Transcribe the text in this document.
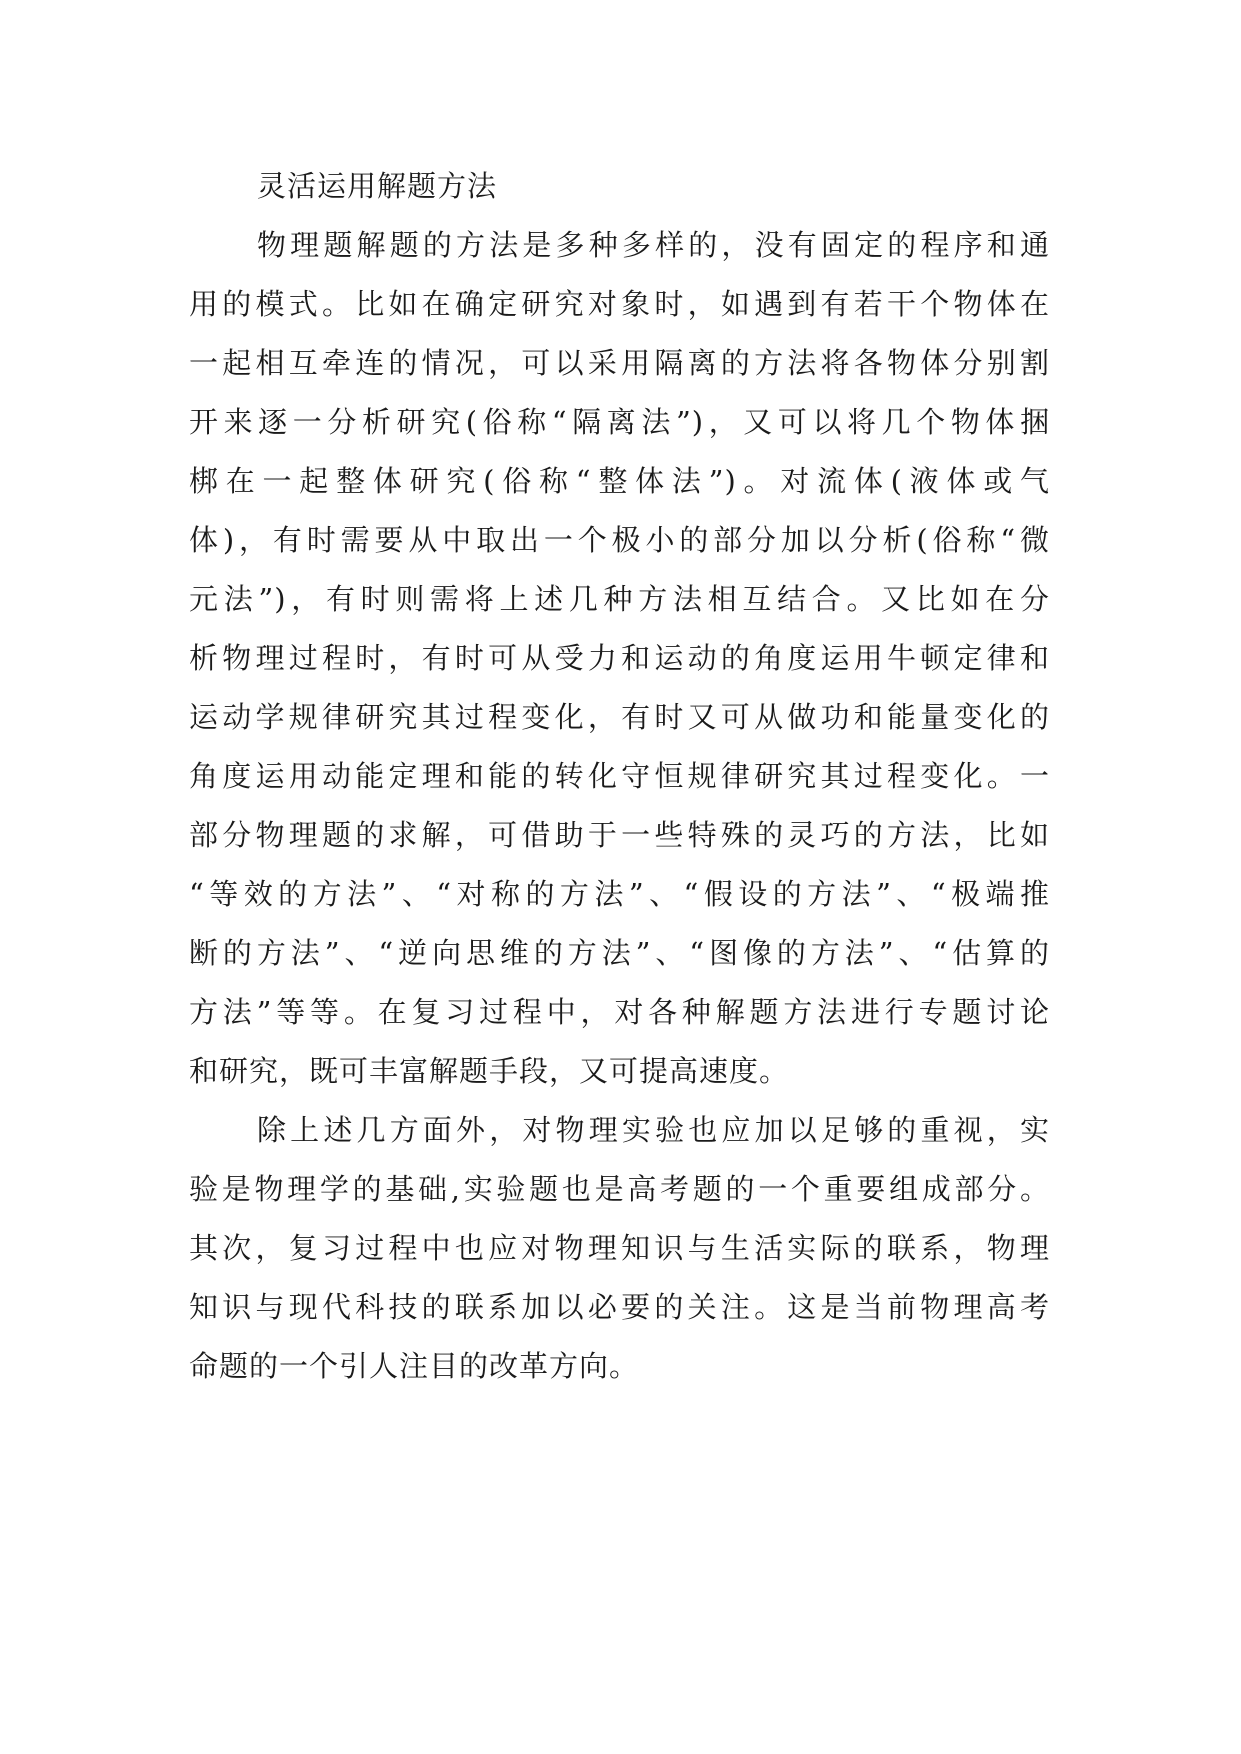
灵活运用解题方法
物理题解题的方法是多种多样的，没有固定的程序和通
用的模式。比如在确定研究对象时，如遇到有若干个物体在
一起相互牵连的情况，可以采用隔离的方法将各物体分别割
开来逐一分析研究(俗称“隔离法”)，又可以将几个物体捆
梆在一起整体研究(俗称“整体法”)。对流体(液体或气
体)，有时需要从中取出一个极小的部分加以分析(俗称“微
元法”)，有时则需将上述几种方法相互结合。又比如在分
析物理过程时，有时可从受力和运动的角度运用牛顿定律和
运动学规律研究其过程变化，有时又可从做功和能量变化的
角度运用动能定理和能的转化守恒规律研究其过程变化。一
部分物理题的求解，可借助于一些特殊的灵巧的方法，比如
“等效的方法”、“对称的方法”、“假设的方法”、“极端推
断的方法”、“逆向思维的方法”、“图像的方法”、“估算的
方法”等等。在复习过程中，对各种解题方法进行专题讨论
和研究，既可丰富解题手段，又可提高速度。
除上述几方面外，对物理实验也应加以足够的重视，实
验是物理学的基础,实验题也是高考题的一个重要组成部分。
其次，复习过程中也应对物理知识与生活实际的联系，物理
知识与现代科技的联系加以必要的关注。这是当前物理高考
命题的一个引人注目的改革方向。
